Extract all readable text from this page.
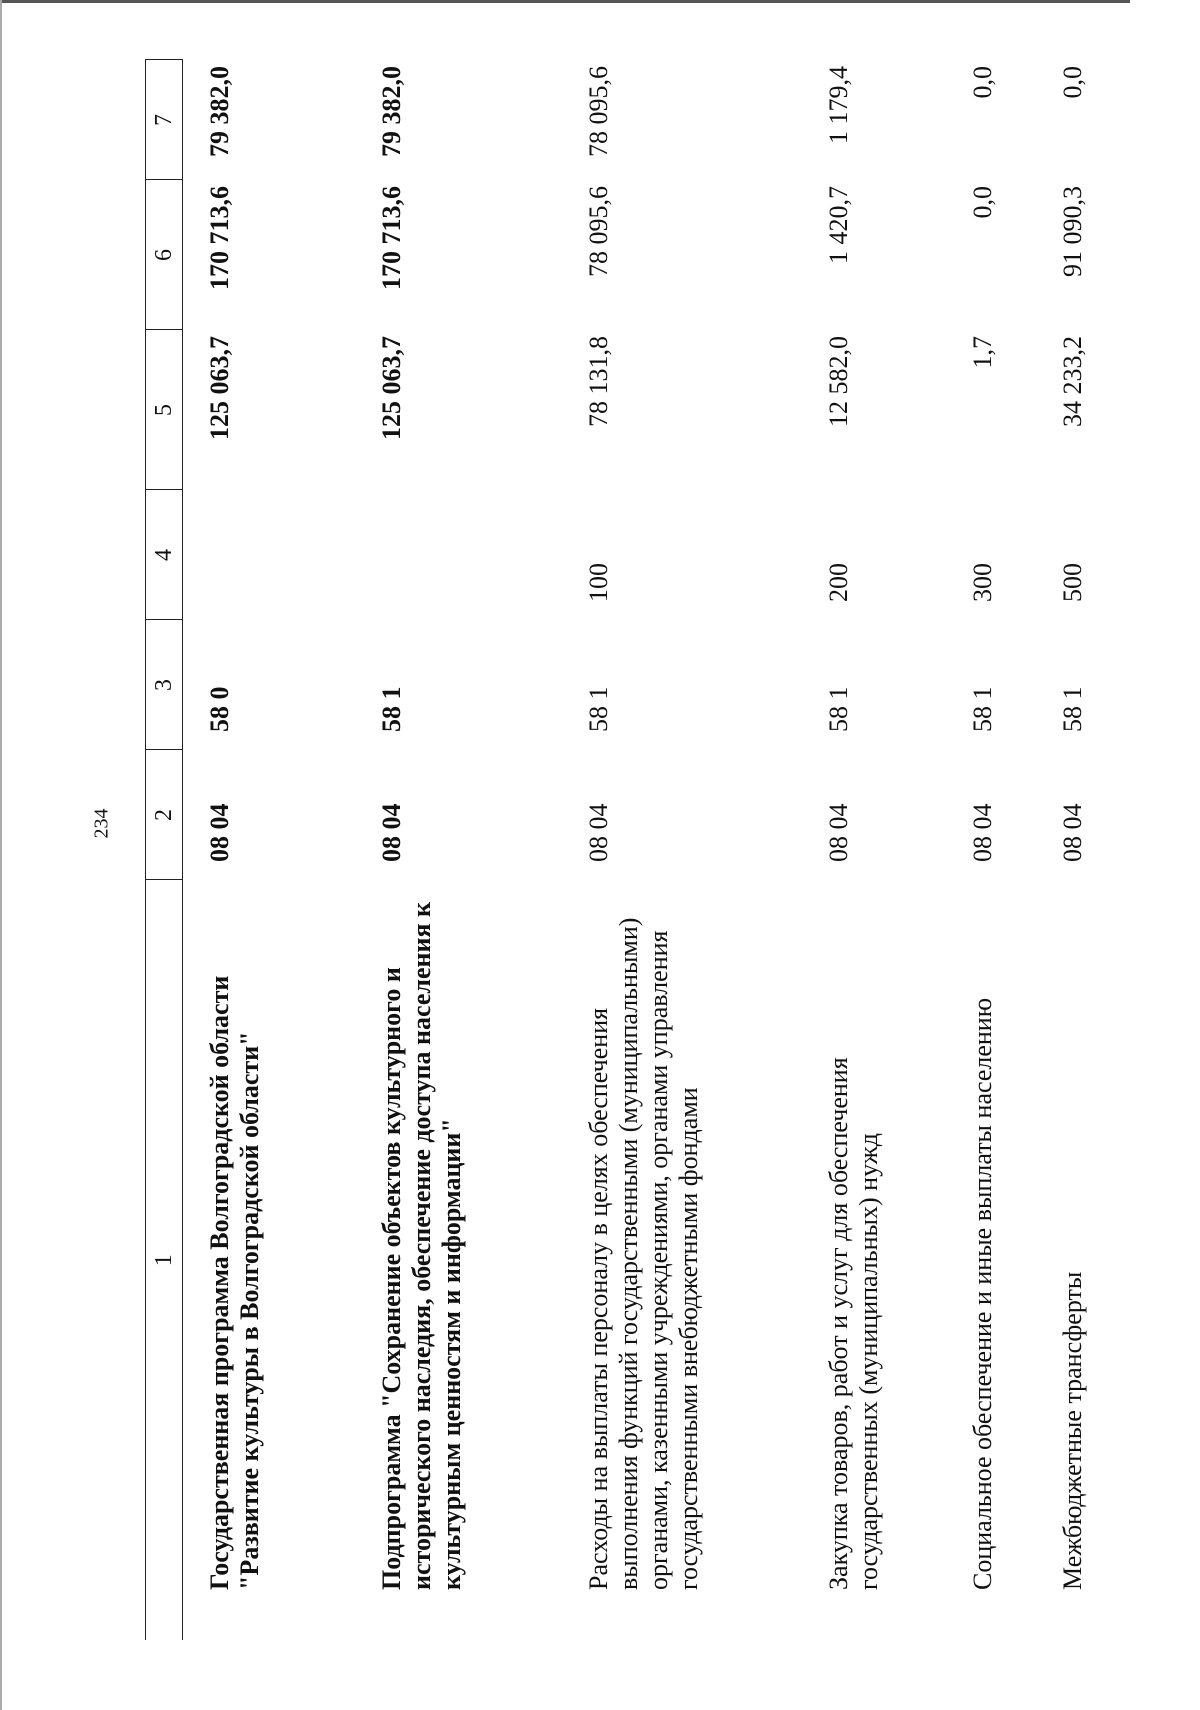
234
1	2	3	4	5	6	7
Государственная программа Волгоградской области "Развитие культуры в Волгоградской области"	08 04	58 0		125 063,7	170 713,6	79 382,0
Подпрограмма "Сохранение объектов культурного и исторического наследия, обеспечение доступа населения к культурным ценностям и информации"	08 04	58 1		125 063,7	170 713,6	79 382,0
Расходы на выплаты персоналу в целях обеспечения выполнения функций государственными (муниципальными) органами, казенными учреждениями, органами управления государственными внебюджетными фондами	08 04	58 1	100	78 131,8	78 095,6	78 095,6
Закупка товаров, работ и услуг для обеспечения государственных (муниципальных) нужд	08 04	58 1	200	12 582,0	1 420,7	1 179,4
Социальное обеспечение и иные выплаты населению	08 04	58 1	300	1,7	0,0	0,0
Межбюджетные трансферты	08 04	58 1	500	34 233,2	91 090,3	0,0
